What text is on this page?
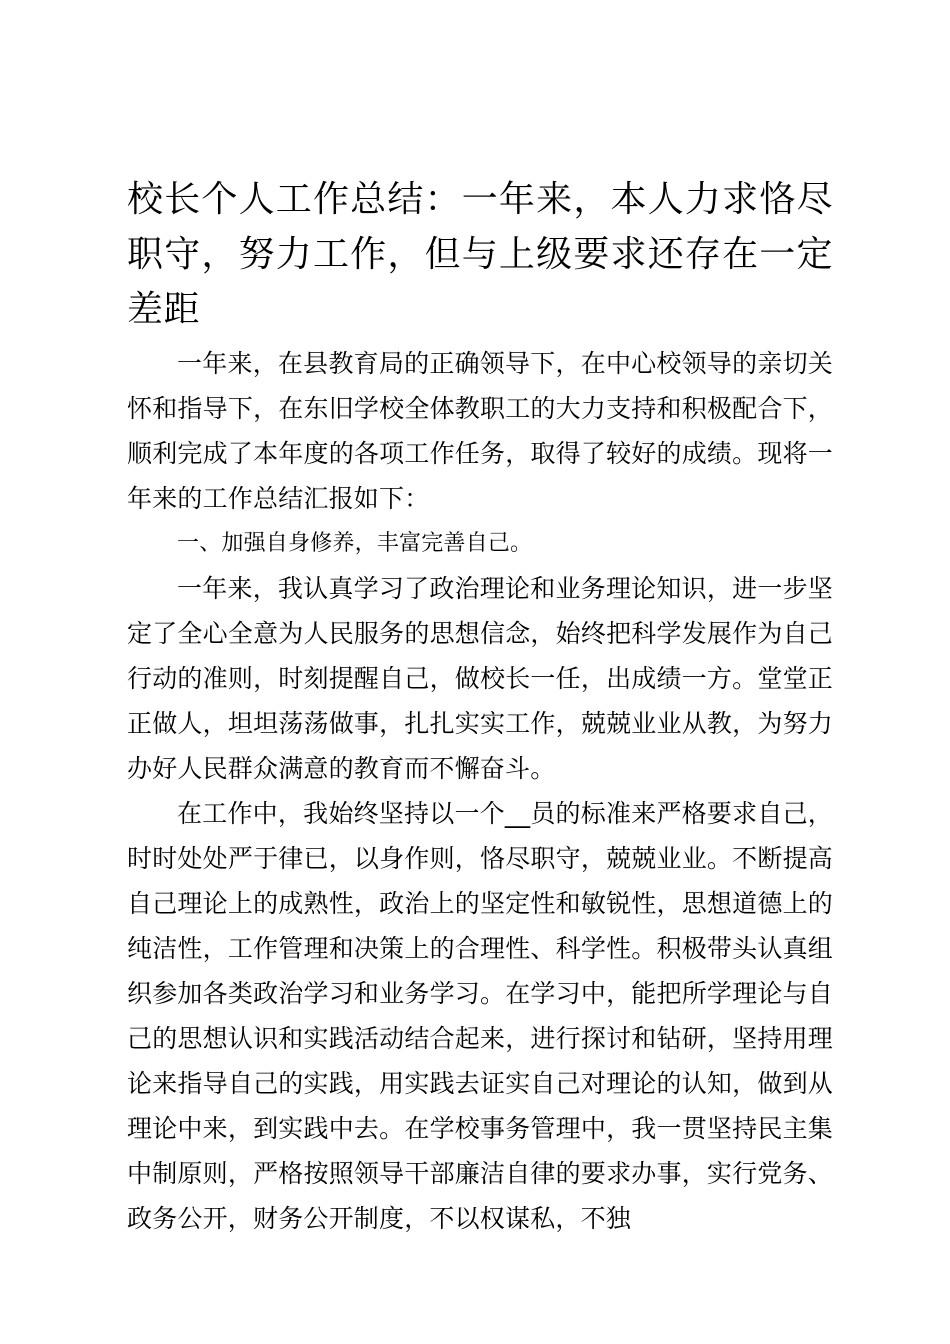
校长个人工作总结：一年来，本人力求恪尽职守，努力工作，但与上级要求还存在一定差距

一年来，在县教育局的正确领导下，在中心校领导的亲切关怀和指导下，在东旧学校全体教职工的大力支持和积极配合下，顺利完成了本年度的各项工作任务，取得了较好的成绩。现将一年来的工作总结汇报如下：

一、加强自身修养，丰富完善自己。

一年来，我认真学习了政治理论和业务理论知识，进一步坚定了全心全意为人民服务的思想信念，始终把科学发展作为自己行动的准则，时刻提醒自己，做校长一任，出成绩一方。堂堂正正做人，坦坦荡荡做事，扎扎实实工作，兢兢业业从教，为努力办好人民群众满意的教育而不懈奋斗。

在工作中，我始终坚持以一个__员的标准来严格要求自己，时时处处严于律已，以身作则，恪尽职守，兢兢业业。不断提高自己理论上的成熟性，政治上的坚定性和敏锐性，思想道德上的纯洁性，工作管理和决策上的合理性、科学性。积极带头认真组织参加各类政治学习和业务学习。在学习中，能把所学理论与自己的思想认识和实践活动结合起来，进行探讨和钻研，坚持用理论来指导自己的实践，用实践去证实自己对理论的认知，做到从理论中来，到实践中去。在学校事务管理中，我一贯坚持民主集中制原则，严格按照领导干部廉洁自律的要求办事，实行党务、政务公开，财务公开制度，不以权谋私，不独
